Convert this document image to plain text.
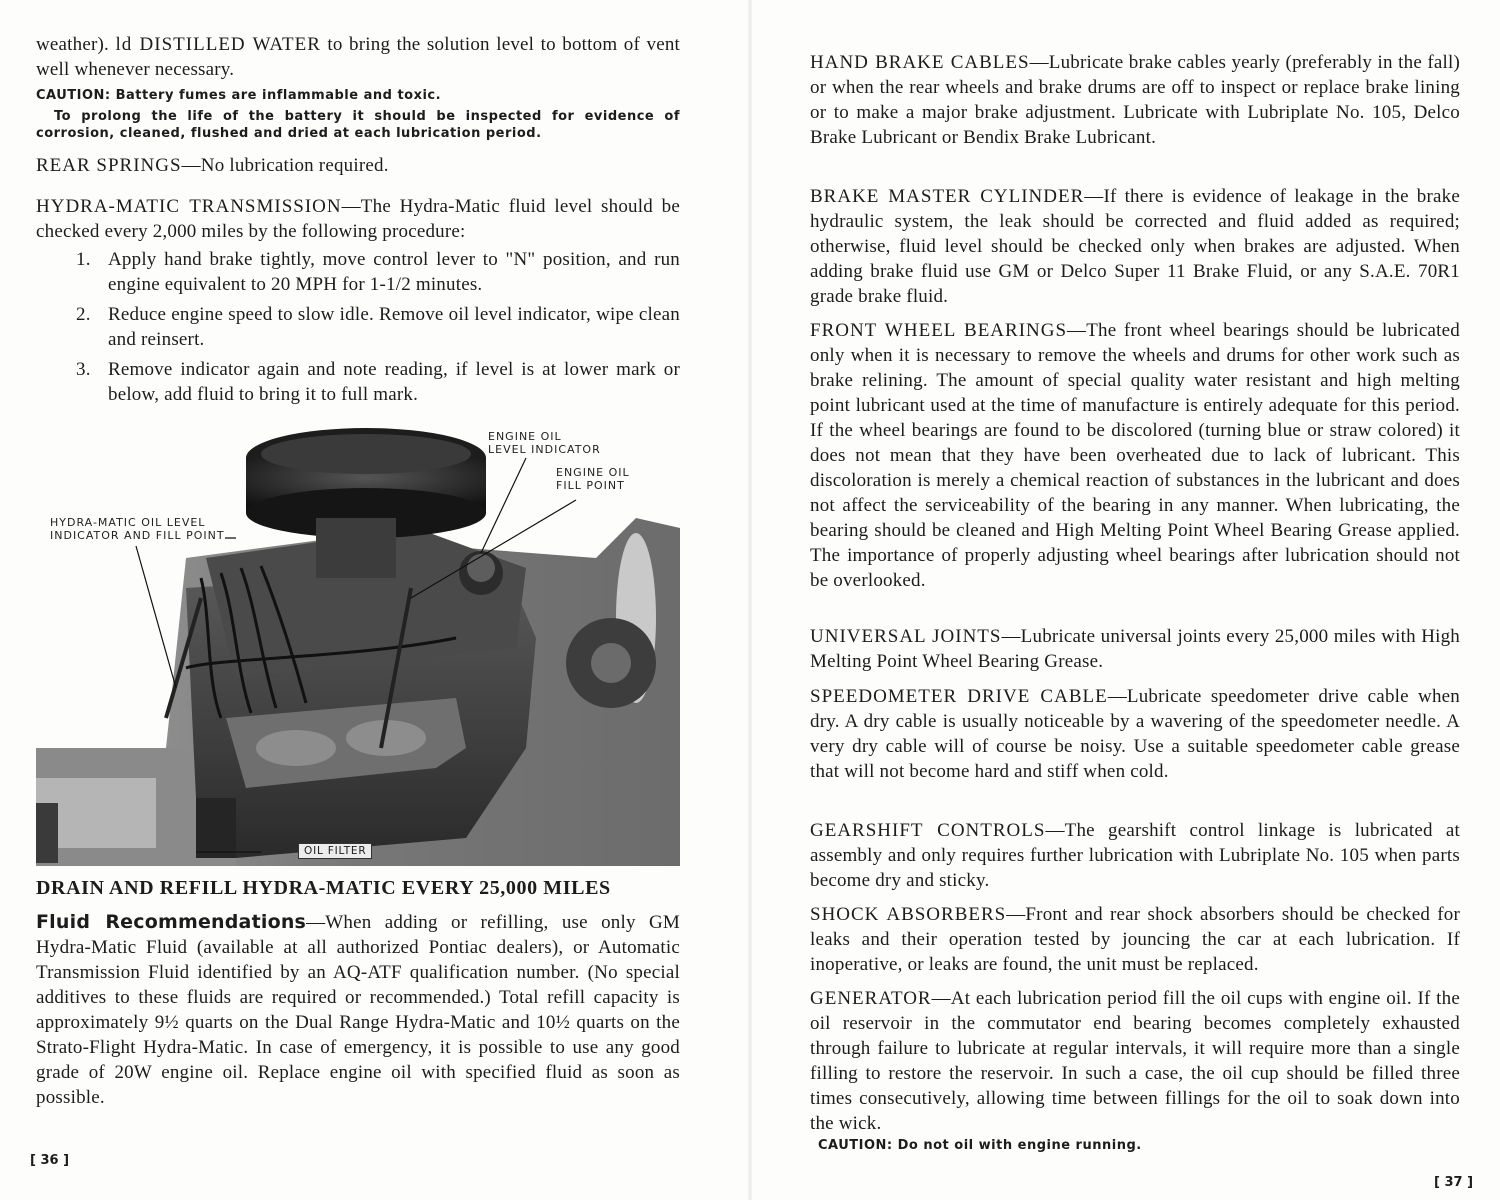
weather). ld DISTILLED WATER to bring the solution level to bottom of vent well whenever necessary.
CAUTION: Battery fumes are inflammable and toxic.
To prolong the life of the battery it should be inspected for evidence of corrosion, cleaned, flushed and dried at each lubrication period.
REAR SPRINGS—No lubrication required.
HYDRA-MATIC TRANSMISSION—The Hydra-Matic fluid level should be checked every 2,000 miles by the following procedure:
1. Apply hand brake tightly, move control lever to "N" position, and run engine equivalent to 20 MPH for 1-1/2 minutes.
2. Reduce engine speed to slow idle. Remove oil level indicator, wipe clean and reinsert.
3. Remove indicator again and note reading, if level is at lower mark or below, add fluid to bring it to full mark.
ENGINE OIL
LEVEL INDICATOR
ENGINE OIL
FILL POINT
HYDRA-MATIC OIL LEVEL
INDICATOR AND FILL POINT
OIL FILTER
DRAIN AND REFILL HYDRA-MATIC EVERY 25,000 MILES
Fluid Recommendations—When adding or refilling, use only GM Hydra-Matic Fluid (available at all authorized Pontiac dealers), or Automatic Transmission Fluid identified by an AQ-ATF qualification number. (No special additives to these fluids are required or recommended.) Total refill capacity is approximately 9½ quarts on the Dual Range Hydra-Matic and 10½ quarts on the Strato-Flight Hydra-Matic. In case of emergency, it is possible to use any good grade of 20W engine oil. Replace engine oil with specified fluid as soon as possible.
[ 36 ]
HAND BRAKE CABLES—Lubricate brake cables yearly (preferably in the fall) or when the rear wheels and brake drums are off to inspect or replace brake lining or to make a major brake adjustment. Lubricate with Lubriplate No. 105, Delco Brake Lubricant or Bendix Brake Lubricant.
BRAKE MASTER CYLINDER—If there is evidence of leakage in the brake hydraulic system, the leak should be corrected and fluid added as required; otherwise, fluid level should be checked only when brakes are adjusted. When adding brake fluid use GM or Delco Super 11 Brake Fluid, or any S.A.E. 70R1 grade brake fluid.
FRONT WHEEL BEARINGS—The front wheel bearings should be lubricated only when it is necessary to remove the wheels and drums for other work such as brake relining. The amount of special quality water resistant and high melting point lubricant used at the time of manufacture is entirely adequate for this period. If the wheel bearings are found to be discolored (turning blue or straw colored) it does not mean that they have been overheated due to lack of lubricant. This discoloration is merely a chemical reaction of substances in the lubricant and does not affect the serviceability of the bearing in any manner. When lubricating, the bearing should be cleaned and High Melting Point Wheel Bearing Grease applied. The importance of properly adjusting wheel bearings after lubrication should not be overlooked.
UNIVERSAL JOINTS—Lubricate universal joints every 25,000 miles with High Melting Point Wheel Bearing Grease.
SPEEDOMETER DRIVE CABLE—Lubricate speedometer drive cable when dry. A dry cable is usually noticeable by a wavering of the speedometer needle. A very dry cable will of course be noisy. Use a suitable speedometer cable grease that will not become hard and stiff when cold.
GEARSHIFT CONTROLS—The gearshift control linkage is lubricated at assembly and only requires further lubrication with Lubriplate No. 105 when parts become dry and sticky.
SHOCK ABSORBERS—Front and rear shock absorbers should be checked for leaks and their operation tested by jouncing the car at each lubrication. If inoperative, or leaks are found, the unit must be replaced.
GENERATOR—At each lubrication period fill the oil cups with engine oil. If the oil reservoir in the commutator end bearing becomes completely exhausted through failure to lubricate at regular intervals, it will require more than a single filling to restore the reservoir. In such a case, the oil cup should be filled three times consecutively, allowing time between fillings for the oil to soak down into the wick.
CAUTION: Do not oil with engine running.
[ 37 ]
